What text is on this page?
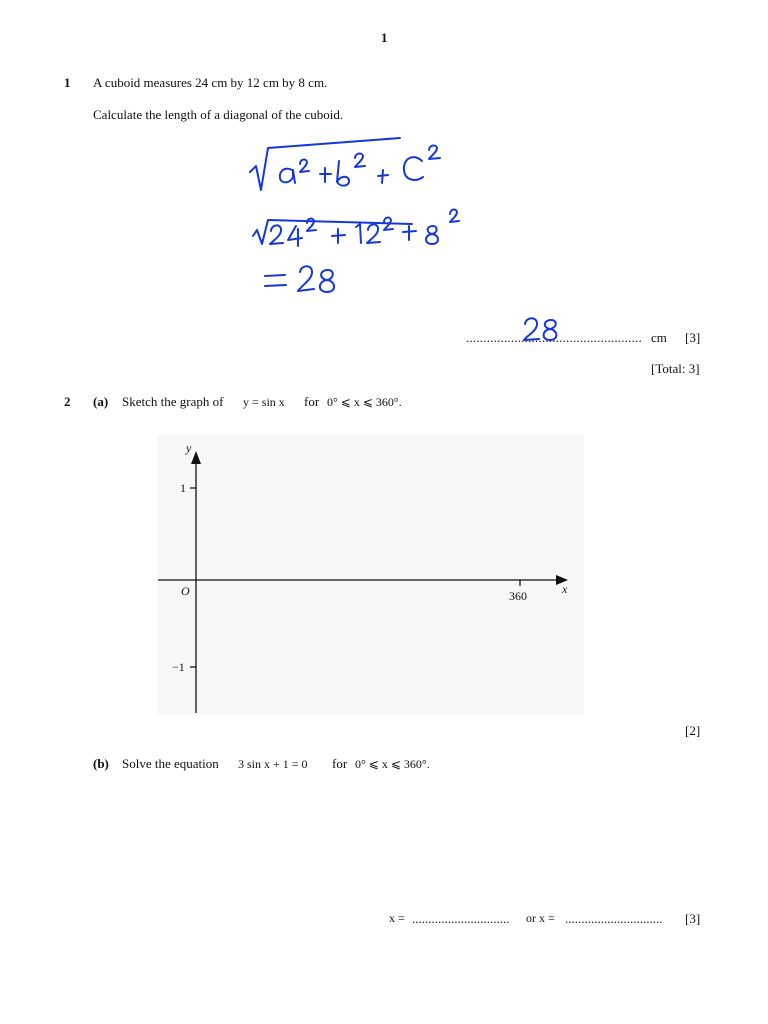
1
1 A cuboid measures 24 cm by 12 cm by 8 cm.
Calculate the length of a diagonal of the cuboid.
................................................... cm [3]
[Total: 3]
2 (a) Sketch the graph of y = sin x for 0° ⩽ x ⩽ 360°.
y
x
O
1
−1
360
[2]
(b) Solve the equation 3 sin x + 1 = 0 for 0° ⩽ x ⩽ 360°.
x = .............................. or x = .............................. [3]
